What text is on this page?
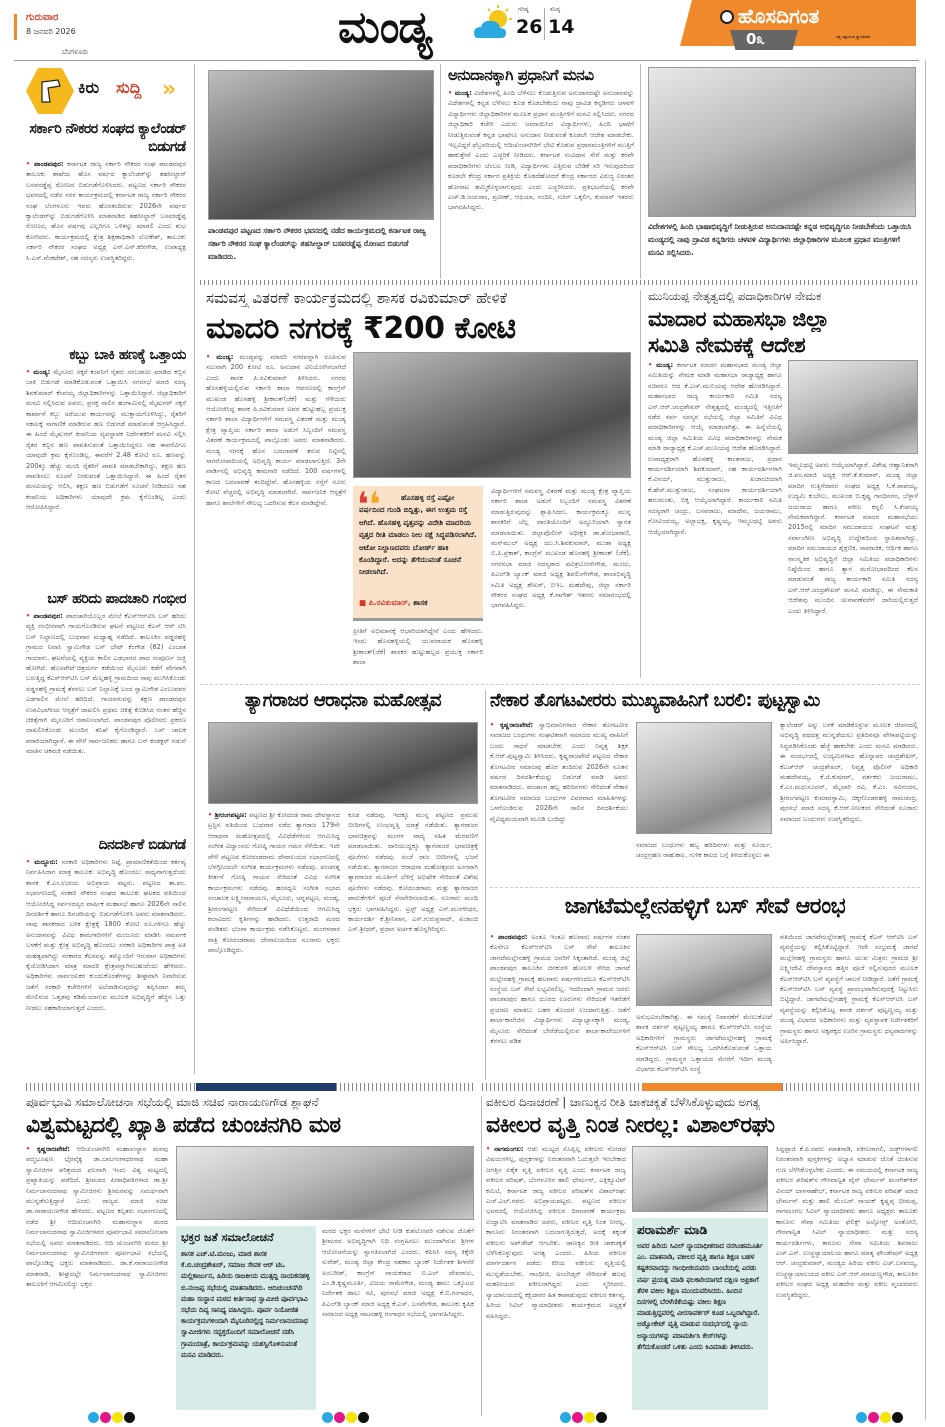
ಗುರುವಾರ
8 ಜನವರಿ 2026
ಬೆಂಗಳೂರು	ಮಂಡ್ಯ	ಗರಿಷ್ಠ
26
ಕನಿಷ್ಠ
14	ಹೊಸದಿಗಂತ
ಸತ್ಯ ಸತ್ವಯುತ ಸ್ವಾಭಿಮಾನ
0೩
ಕಿರು ಸುದ್ದಿ »
ಸರ್ಕಾರಿ ನೌಕರರ ಸಂಘದ ಕ್ಯಾಲೆಂಡರ್ ಬಿಡುಗಡೆ
• ಪಾಂಡವಪುರ: ಕರ್ನಾಟಕ ರಾಜ್ಯ ಸರ್ಕಾರಿ ನೌಕರರ ಸಂಘ ಪಾಂಡವಪುರ ತಾಲೂಕು ಶಾಖೆಯ ಹೊಸ ವರ್ಷದ ಕ್ಯಾಲೆಂಡರ್‌ನ್ನು ತಹಸೀಲ್ದಾರ್ ಬಸವರಡ್ಡೆಪ್ಪ ರೋಣದ ಬಿಡುಗಡೆಗೊಳಿಸಿದರು. ಪಟ್ಟಣದ ಸರ್ಕಾರಿ ನೌಕರರ ಭವನದಲ್ಲಿ ನಡೆದ ಸರಳ ಕಾರ್ಯಕ್ರಮದಲ್ಲಿ ಕರ್ನಾಟಕ ರಾಜ್ಯ ಸರ್ಕಾರಿ ನೌಕರರ ಸಂಘ ಬೆಂಗಳೂರು ಇವರು ಹೊರತಂದಿರುವ 2026ನೇ ವರ್ಷದ ಕ್ಯಾಲೆಂಡರ್‌ನ್ನು ಬಿಡುಗಡೆಗೊಳಿಸಿ ಮಾತನಾಡಿದ ತಹಸೀಲ್ದಾರ್ ಬಸವರಡ್ಡೆಪ್ಪ ರೋಣದ, ಹೊಸ ವರ್ಷವು ಎಲ್ಲರಿಗೂ ಒಳಿತನ್ನು ಮಾಡಲಿ ಎಂದು ಶುಭ ಕೋರಿದರು. ಕಾರ್ಯಕ್ರಮದಲ್ಲಿ ಕ್ಷೇತ್ರ ಶಿಕ್ಷಣಾಧಿಕಾರಿ ಲೋಕೇಶ್, ತಾಲೂಕು ಸರ್ಕಾರಿ ನೌಕರರ ಸಂಘದ ಅಧ್ಯಕ್ಷ ಎನ್.ಎನ್.ಕರೀಗೌಡ, ಉಪಾಧ್ಯಕ್ಷ ಸಿ.ಎಸ್.ವೆಂಕಟೇಶ್, ಸಹ ಸದಸ್ಯರು ಉಪಸ್ಥಿತರಿದ್ದರು.
ಕಬ್ಬು ಬಾಕಿ ಹಣಕ್ಕೆ ಒತ್ತಾಯ
• ಮಂಡ್ಯ: ಮೈಸೂರು ಸಕ್ಕರೆ ಕಂಪನಿಗೆ ರೈತರು ಸರಬರಾಜು ಮಾಡಿದ ಕಬ್ಬಿನ ಬಾಕಿ ಬಿಡುಗಡೆ ಮಾಡಿಕೊಡುವಂತೆ ಒತ್ತಾಯಿಸಿ ನಗರಸಭೆ ಮಾಜಿ ಸದಸ್ಯ ಶಿವಕುಮಾರ್ ಕೆಂಪಯ್ಯ ಜಿಲ್ಲಾಧಿಕಾರಿಗಳನ್ನು ಒತ್ತಾಯಿಸಿದ್ದಾರೆ. ಜಿಲ್ಲಾಧಿಕಾರಿಗೆ ಮನವಿ ಸಲ್ಲಿಸಿರುವ ಅವರು, ಪ್ರಸಕ್ತ ಸಾಲಿನ ಹಂಗಾಮಿನಲ್ಲಿ ಮೈಷುಗರ್ ಸಕ್ಕರೆ ಕಾರ್ಖಾನೆ ಕಬ್ಬು ಅರೆಯುವ ಕಾರ್ಯವನ್ನು ಮುಕ್ತಾಯಗೊಳಿಸಿದ್ದು, ರೈತರಿಗೆ ಸಕಾಲಕ್ಕೆ ಸಾಗಾಣಿಕೆ ಮಾಡಿರುವ ಹಣ ಬಿಡುಗಡೆ ಮಾಡುವಂತೆ ಆಗ್ರಹಿಸಿದ್ದಾರೆ. ಈ ಹಿಂದೆ ಮೈಷುಗರ್ ಕಂಪನಿಯ ವ್ಯವಸ್ಥಾಪಕ ನಿರ್ದೇಶಕರಿಗೆ ಮನವಿ ಸಲ್ಲಿಸಿ ರೈತರ ಕಬ್ಬಿನ ಹಣ ಪಾವತಿಸುವಂತೆ ಒತ್ತಾಯಿಸಿದ್ದರೂ ಸಹ ಈವರೆವಿಗೂ ಯಾವುದೇ ಕ್ರಮ ಕೈಗೊಂಡಿಲ್ಲ. ಈವರೆಗೆ 2.48 ಕೋಟಿ ರೂ. ಹಣವನ್ನು 200ಕ್ಕೂ ಹೆಚ್ಚು ಮಂದಿ ರೈತರಿಗೆ ಪಾವತಿ ಮಾಡಬೇಕಾಗಿದ್ದು, ತಕ್ಷಣ ಹಣ ಪಾವತಿಸಲು ಸೂಚನೆ ನೀಡುವಂತೆ ಒತ್ತಾಯಿಸಿದ್ದಾರೆ. ಈ ಹಿಂದೆ ರೈತರ ಮನವಿಯನ್ನು ಆಲಿಸಿ, ತಕ್ಷಣ ಹಣ ಬಿಡುಗಡೆಗೆ ಸೂಚನೆ ನೀಡಿದರೂ ಸಹ ಕಂಪನಿಯ ಅಧಿಕಾರಿಗಳು ಯಾವುದೇ ಕ್ರಮ ಕೈಗೊಂಡಿಲ್ಲ ಎಂದು ಆರೋಪಿಸಿದ್ದಾರೆ.
ಬಸ್ ಹರಿದು ಪಾದಚಾರಿ ಗಂಭೀರ
• ಪಾಂಡವಪುರ: ಪಾದಚಾರಿಯೊಬ್ಬರ ಮೇಲೆ ಕೆಎಸ್‌ಆರ್‌ಟಿಸಿ ಬಸ್ ಹರಿದು ವ್ಯಕ್ತಿ ಗಂಭೀರವಾಗಿ ಗಾಯಗೊಂಡಿರುವ ಘಟನೆ ಪಟ್ಟಣದ ಕೆಎಸ್ ಆರ್ ಟಿಸಿ ಬಸ್ ನಿಲ್ದಾಣದಲ್ಲಿ ಬುಧವಾರ ಮಧ್ಯಾಹ್ನ ನಡೆದಿದೆ. ತಾಲೂಕಿನ ವಡ್ಡರಹಳ್ಳಿ ಗ್ರಾಮದ ನಿವಾಸಿ ಸ್ವಾಮಿಗೌಡ ಬಸ್ ಲೇಟ್ ಕೆಂಗೌಡ (62) ಎಂಬಾತ ಗಾಯಾಳು. ಘಟನೆಯಲ್ಲಿ ವ್ಯಕ್ತಿಯ ಕಾಲಿನ ಎಡಭಾಗದ ಪಾದ ಸಂಪೂರ್ಣ ಜಜ್ಜಿ ಹೋಗಿದೆ. ಹೊಸಪೇಟೆ-ಚಿತ್ರದುರ್ಗ ಕಡೆಯಿಂದ ಮೈಸೂರು ಕಡೆಗೆ ವೇಗವಾಗಿ ಬರುತ್ತಿದ್ದ ಕೆಎಸ್‌ಆರ್‌ಟಿಸಿ ಬಸ್ ಮೆಲ್ಲಹಳ್ಳಿ ಗ್ರಾಮದಿಂದ ಸಾವು ಮುಗಿಸಿಕೊಂಡು ವಡ್ಡರಹಳ್ಳಿ ಗ್ರಾಮಕ್ಕೆ ತೆರಳಲು ಬಸ್ ನಿಲ್ದಾಣಕ್ಕೆ ಬಂದ ಸ್ವಾಮಿಗೌಡ ಎಂಬುವವರ ಎಡಗಾಲಿನ ಮೇಲೆ ಹರಿದಿದೆ. ಗಾಯಾಳುವನ್ನು ತಕ್ಷಣ ಪಾಂಡವಪುರ ಉಪವಿಭಾಗೀಯ ಆಸ್ಪತ್ರೆಗೆ ದಾಖಲಿಸಿ ಪ್ರಥಮ ಚಿಕಿತ್ಸೆ ಕೊಡಿಸಿದ ನಂತರ ಹೆಚ್ಚಿನ ಚಿಕಿತ್ಸೆಗಾಗಿ ಮೈಸೂರಿಗೆ ರವಾನಿಸಲಾಗಿದೆ. ಪಾಂಡವಪುರ ಪೊಲೀಸರು ಪ್ರಕರಣ ದಾಖಲಿಸಿಕೊಂಡು ಮುಂದಿನ ತನಿಖೆ ಕೈಗೊಂಡಿದ್ದಾರೆ. ಬಸ್ ಚಾಲಕ ಪರಾರಿಯಾಗಿದ್ದಾನೆ. ಈ ವೇಳೆ ಸಾರ್ವಜನಿಕರು ಹಾಗೂ ಬಸ್ ಕಂಡಕ್ಟರ್ ನಡುವೆ ಮಾತಿನ ಚಕಮಕಿ ನಡೆಯಿತು.
ದಿನದರ್ಶಿಕೆ ಬಿಡುಗಡೆ
• ಮದ್ದೂರು: ಸರಕಾರಿ ಅಧಿಕಾರಿಗಳು ನಿಷ್ಠೆ, ಪ್ರಾಮಾಣಿಕತೆಯಿಂದ ಕರ್ತವ್ಯ ನಿರ್ವಹಿಸಿದಾಗ ಮಾತ್ರ ತಾಲೂಕು ಅಭಿವೃದ್ಧಿ ಹೊಂದಲು ಸಾಧ್ಯವಾಗುತ್ತದೆಂದು ಶಾಸಕ ಕೆ.ಎಂ.ಉದಯ ಅಭಿಪ್ರಾಯ ಪಟ್ಟರು. ಪಟ್ಟಣದ ತಾ.ಪಂ. ಸಭಾಂಗಣದಲ್ಲಿ ಸರಕಾರಿ ನೌಕರರ ಸಂಘದ ತಾಲೂಕು ಘಟಕದ ವತಿಯಿಂದ ಆಯೋಜಿಸಿದ್ದ ಸರ್ವಸದಸ್ಯರ ವಾರ್ಷಿಕ ಮಹಾಸಭೆ ಹಾಗೂ 2026ನೇ ಸಾಲಿನ ದಿನದರ್ಶಿಕೆ ಹಾಗೂ ದಿನಚರಿಯನ್ನು ಬಿಡುಗಡೆಗೊಳಿಸಿ ಅವರು ಮಾತನಾಡಿದರು. ನಾವು ಶಾಸಕರಾದ ಬಳಿಕ ಕ್ಷೇತ್ರಕ್ಕೆ 1800 ಕೋಟಿ ರೂ.ಗಳಿಗೂ ಹೆಚ್ಚು ಅನುದಾನವನ್ನು ವಿವಿಧ ಕಾಮಗಾರಿಗಳಿಗೆ ಮಂಜೂರು ಮಾಡಿಸಿ ಸಮರ್ಪಕ ಬಳಕೆಗೆ ಮತ್ತು ಕ್ಷೇತ್ರ ಅಭಿವೃದ್ಧಿ ಹೊಂದಲು ಸರಕಾರಿ ಅಧಿಕಾರಿಗಳ ಪಾತ್ರ ಅತಿ ಮಹತ್ವವಾಗಿದ್ದು ಸರಕಾರದ ಕೆಲಸವನ್ನು ತಮ್ಮೊಂದಿಗೆ ಇರುವಾಗ ಅಧಿಕಾರಿಗಳು ಕೈಜೋಡಿಸಿದಾಗ ಮಾತ್ರ ಮಾದರಿ ಕ್ಷೇತ್ರವನ್ನಾಗಿಸಬಹುದೆಂದು ಹೇಳಿದರು. ಅಧಿಕಾರಿಗಳು ಸಾರ್ವಜನಿಕರ ಕುಂದುಕೊರತೆಗಳನ್ನು ಶೀಘ್ರವಾಗಿ ನಿವಾರಿಸುವ ಜತೆಗೆ ಸರಕಾರಿ ಕಚೇರಿಗಳಿಗೆ ಅಲೆದಾಡಿಸುವುದನ್ನು ತಪ್ಪಿಸಿದಾಗ ತಮ್ಮ ಮೇಲಿರುವ ಒತ್ತಡವು ಕಡಿಮೆಯಾಗುವ ಮೂಲಕ ಅಭಿವೃದ್ಧಿಗೆ ಹೆಚ್ಚಿನ ಒತ್ತು ನೀಡಲು ಸಹಕಾರಿಯಾಗುತ್ತದೆ ಎಂದರು.
ಪಾಂಡವಪುರ ಪಟ್ಟಣದ ಸರ್ಕಾರಿ ನೌಕರರ ಭವನದಲ್ಲಿ ನಡೆದ ಕಾರ್ಯಕ್ರಮದಲ್ಲಿ ಕರ್ನಾಟಕ ರಾಜ್ಯ ಸರ್ಕಾರಿ ನೌಕರರ ಸಂಘ ಕ್ಯಾಲೆಂಡರ್‌ನ್ನು ತಹಸೀಲ್ದಾರ್ ಬಸವರಡ್ಡೆಪ್ಪ ರೋಣದ ಬಿಡುಗಡೆ ಮಾಡಿದರು.
ಅನುದಾನಕ್ಕಾಗಿ ಪ್ರಧಾನಿಗೆ ಮನವಿ
• ಮಂಡ್ಯ: ವಿದೇಶಗಳಲ್ಲಿ ಹಿಂದಿ ಬೆಳೆಸಲು ಕೊಡುತ್ತಿರುವ ಅನುದಾನದಷ್ಟೇ ಅನುದಾನವನ್ನು ವಿದೇಶಗಳಲ್ಲಿ ಕನ್ನಡ ಬೆಳೆಸಲು ಕೂಡ ಕೊಡಬೇಕೆಂದು ನಾವು ದ್ರಾವಿಡ ಕನ್ನಡಿಗರು ಚಳವಳಿ ವಿದ್ಯಾರ್ಥಿಗಳು ಜಿಲ್ಲಾಧಿಕಾರಿಗಳ ಮೂಲಕ ಪ್ರಧಾನ ಮಂತ್ರಿಗಳಿಗೆ ಮನವಿ ಸಲ್ಲಿಸಿದರು. ನಗರದ ಜಿಲ್ಲಾಧಿಕಾರಿ ಕಚೇರಿ ಎದುರು ಜಮಾಯಿಸಿದ ವಿದ್ಯಾರ್ಥಿಗಳು, ಹಿಂದಿ ಭಾಷೆಗೆ ನೀಡುತ್ತಿರುವಂತೆ ಕನ್ನಡ ಭಾಷೆಗೂ ಅನುದಾನ ನೀಡುವಂತೆ ಕೂಡಲೇ ಆದೇಶ ಮಾಡಬೇಕು. ಇಲ್ಲವಿದ್ದರೆ ಫೆಬ್ರವರಿಯಲ್ಲಿ ಆದಿಚುಂಚನಗಿರಿಗೆ ಭೇಟಿ ಕೊಡುವ ಪ್ರಧಾನಮಂತ್ರಿಗಳಿಗೆ ಮುತ್ತಿಗೆ ಹಾಕುತ್ತೇವೆ ಎಂದು ಎಚ್ಚರಿಕೆ ನೀಡಿದರು. ಕರ್ನಾಟಕ ಸಂವಿಧಾನ ಸೇನೆ ಮತ್ತು ಕರವೇ ಪದಾಧಿಕಾರಿಗಳು ಬೆಂಬಲ ನೀಡಿ, ವಿದ್ಯಾರ್ಥಿಗಳು ಎತ್ತಿರುವ ಬೇಡಿಕೆ ಸರಿ ಇರುವುದರಿಂದ ಕೂಡಲೇ ಕೇಂದ್ರ ಸರ್ಕಾರ ಪ್ರತಿಕ್ರಿಯೆ ಕೊಡದೆಹೋದರೆ ಕೇಂದ್ರ ಸರ್ಕಾರದ ವಿರುದ್ಧ ನಿರಂತರ ಹೋರಾಟ ಹಮ್ಮಿಕೊಳ್ಳಲಾಗುವುದು ಎಂದು ಎಚ್ಚರಿಸಿದರು. ಪ್ರತಿಭಟನೆಯಲ್ಲಿ ಕರವೇ ಎಚ್.ಡಿ.ಜಯರಾಂ, ಪ್ರವೀಣ್, ಆಫಿಯಾ, ನಂದಿನಿ, ಸಚಿನ್ ಒಕ್ಕಲಿಗ, ಕುಮಾರ್ ಇತರರು ಭಾಗವಹಿಸಿದ್ದರು.
ವಿದೇಶಗಳಲ್ಲಿ ಹಿಂದಿ ಭಾಷಾಭಿವೃದ್ಧಿಗೆ ನೀಡುತ್ತಿರುವ ಅನುದಾನದಷ್ಟೇ ಕನ್ನಡ ಅಭಿವೃದ್ಧಿಗೂ ನೀಡಬೇಕೆಂದು ಒತ್ತಾಯಿಸಿ ಮಂಡ್ಯದಲ್ಲಿ ನಾವು ದ್ರಾವಿಡ ಕನ್ನಡಿಗರು ಚಳವಳಿ ವಿದ್ಯಾರ್ಥಿಗಳು ಜಿಲ್ಲಾಧಿಕಾರಿಗಳ ಮೂಲಕ ಪ್ರಧಾನ ಮಂತ್ರಿಗಳಿಗೆ ಮನವಿ ಸಲ್ಲಿಸಿದರು.
ಸಮವಸ್ತ್ರ ವಿತರಣೆ ಕಾರ್ಯಕ್ರಮದಲ್ಲಿ ಶಾಸಕ ರವಿಕುಮಾರ್ ಹೇಳಿಕೆ
ಮಾದರಿ ನಗರಕ್ಕೆ ₹200 ಕೋಟಿ
• ಮಂಡ್ಯ: ಮಂಡ್ಯವನ್ನು ಮಾದರಿ ನಗರವನ್ನಾಗಿ ರೂಪಿಸುವ ಸಲುವಾಗಿ 200 ಕೋಟಿ ರೂ. ಅನುದಾನ ವಿನಿಯೋಗಿಸಲಾಗಿದೆ ಎಂದು ಶಾಸಕ ಪಿ.ರವಿಕುಮಾರ್ ತಿಳಿಸಿದರು. ನಗರದ ಹೊಸಹಳ್ಳಿಯಲ್ಲಿರುವ ಸರ್ಕಾರಿ ಶಾಲಾ ಆವರಣದಲ್ಲಿ ಕಾಂಗ್ರೆಸ್ ಮುಖಂಡ ಹೊಸಹಳ್ಳಿ ಶ್ರೀಕಾಂತ್(ಜೆಕೆ) ಮತ್ತು ಗೆಳೆಯರು ಆಯೋಜಿಸಿದ್ದ ಶಾಸಕ ಪಿ.ರವಿಕುಮಾರ ಅವರ ಹುಟ್ಟುಹಬ್ಬ ಪ್ರಯುಕ್ತ ಸರ್ಕಾರಿ ಶಾಲಾ ವಿದ್ಯಾರ್ಥಿಗಳಿಗೆ ಸಮವಸ್ತ್ರ ವಿತರಣೆ ಮತ್ತು ಮಂಡ್ಯ ಕ್ಷೇತ್ರ ವ್ಯಾಪ್ತಿಯ ಸರ್ಕಾರಿ ಶಾಲಾ ಅಡುಗೆ ಸಿಬ್ಬಂದಿಗೆ ಸಮವಸ್ತ್ರ ವಿತರಣೆ ಕಾರ್ಯಕ್ರಮದಲ್ಲಿ ಪಾಲ್ಗೊಂಡು ಅವರು ಮಾತನಾಡಿದರು. ಮಂಡ್ಯ ನಗರಕ್ಕೆ ಹೊಸ ಬದಲಾವಣೆ ತರುವ ನಿಟ್ಟಿನಲ್ಲಿ ಸಾಗರೋಪಾದಿಯಲ್ಲಿ ಅಭಿವೃದ್ಧಿ ಕಾರ್ಯ ಮಾಡಲಾಗುತ್ತಿದೆ. 3ನೇ ವಾರ್ಡಿನಲ್ಲಿ ಅಭಿವೃದ್ಧಿ ಕಾಮಗಾರಿ ನಡೆದಿದೆ. 100 ವರ್ಷಗಳಲ್ಲಿ ಕಾಣದ ಬದಲಾವಣೆ ತಂದಿದ್ದೇವೆ. ಹೊಸಹಳ್ಳಿಯ ರಸ್ತೆಗೆ ನೂರು ಕೋಟಿ ವೆಚ್ಚದಲ್ಲಿ ಅಭಿವೃದ್ಧಿ ಮಾಡಲಾಗಿದೆ. ಸಾರ್ವಜನಿಕ ಆಸ್ಪತ್ರೆಗೆ ಹಾಗೂ ಶಾಲೆಗಳಿಗೆ ಸೌಲಭ್ಯ ಒದಗಿಸುವ ಕೆಲಸ ಮಾಡಿದ್ದೇವೆ. ❛❛	ಹೊಸಹಳ್ಳಿ ರಸ್ತೆ ಎಷ್ಟೋ ವರ್ಷದಿಂದ ಗುಂಡಿ ಬಿದ್ದಿತ್ತು, ಈಗ ಉತ್ತಮ ರಸ್ತೆ ಆಗಿದೆ. ಹೊಸಹಳ್ಳಿ ವೃತ್ತವನ್ನು ವಿದೇಶಿ ಮಾದರಿಯ ವೃತ್ತದ ರೀತಿ ಮಾಡಲು ನೀಲ ನಕ್ಷೆ ಸಿದ್ಧಪಡಿಸಲಾಗಿದೆ. ಆಟೋ ನಿಲ್ದಾಣದವರು ಬೋರ್ಡ್ ಹಾಕಿ ಕೊಂಡಿದ್ದಾರೆ. ಅದನ್ನು ತೆಗೆಯುವಂತೆ ಸೂಚನೆ ನೀಡಲಾಗಿದೆ.
■ ಪಿ.ರವಿಕುಮಾರ್, ಶಾಸಕ
ಪ್ರೀತಿಗೆ ಅಭಿಮಾನಕ್ಕೆ ಆಭಾರಿಯಾಗಿದ್ದೇನೆ ಎಂದು ಹೇಳಿದರು. ಇಂದು ಹೊಸಹಳ್ಳಿಯಲ್ಲಿ ಯುವನಾಯಕ ಹೊಸಹಳ್ಳಿ ಶ್ರೀಕಾಂತ್(ಜೆಕೆ) ಶಾಸಕರ ಹುಟ್ಟುಹಬ್ಬದ ಪ್ರಯುಕ್ತ ಸರ್ಕಾರಿ ಶಾಲಾ
ವಿದ್ಯಾರ್ಥಿಗಳಿಗೆ ಸಮವಸ್ತ್ರ ವಿತರಣೆ ಮತ್ತು ಮಂಡ್ಯ ಕ್ಷೇತ್ರ ವ್ಯಾಪ್ತಿಯ ಸರ್ಕಾರಿ ಶಾಲಾ ಅಡುಗೆ ಸಿಬ್ಬಂದಿಗೆ ಸಮವಸ್ತ್ರ ವಿತರಣೆ ಮಾಡುತ್ತಿರುವುದನ್ನು ಶ್ಲಾಘಿಸಿದರು. ಕಾರ್ಯಕ್ರಮಕ್ಕೂ ಮುನ್ನ ಶಾಸಕರಿಗೆ ಬೆಲ್ಲ ದಾರತಿಯೊಂದಿಗೆ ಅದ್ದೂರಿಯಾಗಿ ಸ್ವಾಗತ ಮಾಡಲಾಯಿತು. ಜಿಲ್ಲಾಪೊಲೀಸ್ ಅಧೀಕ್ಷಕಿ ಡಾ.ಶೋಭಾರಾಣಿ, ಮನ್‌ಮುಲ್ ಅಧ್ಯಕ್ಷ ಯು.ಸಿ.ಶಿವಕುಮಾರ್, ಮುಡಾ ಅಧ್ಯಕ್ಷ ಬಿ.ಪಿ.ಪ್ರಕಾಶ್, ಕಾಂಗ್ರೆಸ್ ಮುಖಂಡ ಹೊಸಹಳ್ಳಿ ಶ್ರೀಕಾಂತ್ (ಜೆಕೆ), ನಗರಸಭಾ ಮಾಜಿ ಸದಸ್ಯರಾದ ಪವಿತ್ರಬೋರೇಗೌಡ, ಮಂಜು, ಪಿಎಲ್‌ಡಿ ಬ್ಯಾಂಕ್ ಮಾಜಿ ಅಧ್ಯಕ್ಷ ಶಿವಲಿಂಗೇಗೌಡ, ಶಾಲಾಭಿವೃದ್ಧಿ ಸಮಿತಿ ಅಧ್ಯಕ್ಷ ಶೇಖರ್, ಬಿಇಒ ಮಹದೇವು, ಜಿಲ್ಲಾ ಸರ್ಕಾರಿ ನೌಕರರ ಸಂಘದ ಅಧ್ಯಕ್ಷ ಕೆ.ನಾಗೇಶ್ ಇತರರು ಸಮಾರಂಭದಲ್ಲಿ ಭಾಗವಹಿಸಿದ್ದರು.
ಮುನಿಯಪ್ಪ ನೇತೃತ್ವದಲ್ಲಿ ಪದಾಧಿಕಾರಿಗಳ ನೇಮಕ
ಮಾದಾರ ಮಹಾಸಭಾ ಜಿಲ್ಲಾ
ಸಮಿತಿ ನೇಮಕಕ್ಕೆ ಆದೇಶ
• ಮಂಡ್ಯ: ಕರ್ನಾಟಕ ಮಾದರ ಮಹಾಸಭಾದ ಮಂಡ್ಯ ಜಿಲ್ಲಾ ಸಮಿತಿಯನ್ನು ನೇಮಕ ಮಾಡಿ ಮಹಾಸಭಾ ರಾಜ್ಯಾಧ್ಯಕ್ಷ ಹಾಗೂ ಸಚಿವರೂ ಆದ ಕೆ.ಎಚ್.ಮುನಿಯಪ್ಪ ಆದೇಶ ಹೊರಡಿಸಿದ್ದಾರೆ. ಮಹಾಸಭಾದ ರಾಜ್ಯ ಕಾರ್ಯಕಾರಿ ಸಮಿತಿ ಸದಸ್ಯ ಎನ್.ಆರ್.ಚಂದ್ರಶೇಖರ್ ನೇತೃತ್ವದಲ್ಲಿ ಮಂಡ್ಯದಲ್ಲಿ ಇತ್ತೀಚೆಗೆ ನಡೆದ ಸರ್ವ ಸದಸ್ಯರ ಸಭೆಯಲ್ಲಿ ಜಿಲ್ಲಾ ಸಮಿತಿಗೆ ವಿವಿಧ ಪದಾಧಿಕಾರಿಗಳನ್ನು ಆಯ್ಕೆ ಮಾಡಲಾಗಿತ್ತು. ಈ ಹಿನ್ನೆಲೆಯಲ್ಲಿ ಮಂಡ್ಯ ಜಿಲ್ಲಾ ಸಮಿತಿಯ ವಿವಿಧ ಪದಾಧಿಕಾರಿಗಳನ್ನು ನೇಮಕ ಮಾಡಿ ರಾಜ್ಯಾಧ್ಯಕ್ಷ ಕೆ.ಎಚ್.ಮುನಿಯಪ್ಪ ಆದೇಶ ಹೊರಡಿಸಿದ್ದಾರೆ. ಉಪಾಧ್ಯಕ್ಷರಾಗಿ ಹೊಸಹಳ್ಳಿ ಕಾಂತರಾಜು, ಪ್ರಧಾನ ಕಾರ್ಯದರ್ಶಿಯಾಗಿ ಶಿವಕುಮಾರ್, ಸಹ ಕಾರ್ಯದರ್ಶಿಗಳಾಗಿ ಕೆ.ವಿನಯ್, ಮುತ್ತುರಾಜು, ಖಜಾಂಚಿಯಾಗಿ ಕೆ.ಹೆಚ್.ಮುತ್ತುರಾಜು, ಸಂಘಟನಾ ಕಾರ್ಯದರ್ಶಿಯಾಗಿ ಹನುಮಂತು, ಬಿಕ್ಕ ಆಯ್ಕೆಯಾಗಿದ್ದಾರೆ. ಕಾರ್ಯಕಾರಿ ಸಮಿತಿ ಸದಸ್ಯರಾಗಿ ಚಂದ್ರು, ಬಸವರಾಜು, ಮಾದೇವ, ಜಯರಾಮು, ಗೋವಿಂದಯ್ಯ, ಅಲ್ಲಾಭಕ್ಷ, ಕೃಷ್ಣಯ್ಯ, ಇಮ್ಮಲಧಟ್ಟಿ ಅವರು ಆಯ್ಕೆಯಾಗಿದ್ದಾರೆ.
ಇಮ್ಮಲಧಟ್ಟಿ ಅವರು ಆಯ್ಕೆಯಾಗಿದ್ದಾರೆ. ವಿಶೇಷ ಆಹ್ವಾನಿತರಾಗಿ ಜಿ.ಪಂ.ಮಾಜಿ ಅಧ್ಯಕ್ಷ ಆರ್.ಕೆ.ಕುಮಾರ್, ಮಂಡ್ಯ ಜಿಲ್ಲಾ ಮಾದಿಗ ಗುತ್ತಿಗೆದಾರರ ಸಂಘದ ಅಧ್ಯಕ್ಷ ಸಿ.ಕೆ.ಪಾಪಯ್ಯ, ಉದ್ಯಮಿ ಕುಬೇಲು, ಮುಖಂಡ ಬಿ.ಕೃಷ್ಣ ಗಾಂಧಿನಗರ, ಬೆಳ್ಳಾಳೆ ಜಯರಾಯ ಹಾಗೂ ವಕೀಲ ಕನ್ನಲಿ ಸಿ.ಕೆಂಪಯ್ಯ ನೇಮಕವಾಗಿದ್ದಾರೆ. ಕರ್ನಾಟಕ ಮಾದರ ಮಹಾಸಭೆಯು 2015ರಲ್ಲಿ ಮಾದಿಗ ಸಮುದಾಯದ ಸಂಘಟನೆ ಮತ್ತು ಸರ್ವಾಂಗೀಣ ಅಭಿವೃದ್ಧಿ ಉದ್ದೇಶದಿಂದ ಸ್ಥಾಪಿತವಾಗಿದ್ದು, ಮಾದಿಗ ಸಮುದಾಯದ ಶೈಕ್ಷಣಿಕ, ಸಾಮಾಜಿಕ, ಆರ್ಥಿಕ ಹಾಗೂ ಸಾಂಸ್ಕೃತಿಕ ಅಭಿವೃದ್ಧಿಗೆ ಜಿಲ್ಲಾ ಸಮಿತಿಯ ಪದಾಧಿಕಾರಿಗಳು ನಿಷ್ಠೆಯಿಂದ ಹಾಗೂ ತ್ಯಾಗ ಮನೋಭಾವದಿಂದ ಕೆಲಸ ಮಾಡುವಂತೆ ರಾಜ್ಯ ಕಾರ್ಯಕಾರಿ ಸಮಿತಿ ಸದಸ್ಯ ಎನ್.ಆರ್.ಚಂದ್ರಶೇಖರ್ ಮನವಿ ಮಾಡಿದ್ದು, ಈ ನೇಮಕಾತಿ ಆದೇಶವು ಮುಂದಿನ ಚುನಾವಣೆವರೆಗೆ ಜಾರಿಯಲ್ಲಿರುತ್ತದೆ ಎಂದು ತಿಳಿಸಿದ್ದಾರೆ.
ತ್ಯಾಗರಾಜರ ಆರಾಧನಾ ಮಹೋತ್ಸವ
• ಶ್ರೀರಂಗಪಟ್ಟಣ: ಪಟ್ಟಣದ ಶ್ರೀ ಕೋದಂಡ ರಾಮ ದೇವಸ್ಥಾನದ ಟ್ರಸ್ಟಿನ ವತಿಯಿಂದ ಬುಧವಾರ ನಡೆದ ತ್ಯಾಗರಾಜ 179ನೇ ಆರಾಧನಾ ಮಹೋತ್ಸವದಲ್ಲಿ ವಿವಿಧೆಡೆಗಳಿಂದ ಆಗಮಿಸಿದ್ದ ಸಂಗೀತ ವಿದ್ವಾಂಸರು ಗೋಷ್ಠಿ ಗಾಯನ ಗಮನ ಸೆಳೆಯಿತು. ಇದೇ ವೇಳೆ ಪಟ್ಟಣದ ಕೋದಂಡರಾಮ ದೇವಾಲಯದ ಸಭಾಂಗಣದಲ್ಲಿ ಬೆಳಗ್ಗಿನಿಂದಲೇ ಸಂಗೀತ ಕಾರ್ಯಕ್ರಮಗಳು ನಡೆದವು. ಪಂಚರತ್ನ ಕೀರ್ತನೆ ಗೋಷ್ಠಿ ಗಾಯನ ಸೇರಿದಂತೆ ವಿವಿಧ ಸಂಗೀತ ಕಾರ್ಯಕ್ರಮಗಳು ನಡೆದವು. ಹಂಸಧ್ವನಿ ಸಂಗೀತ ಸಭಾದ ಸಂಚಾಲಕ ಲಕ್ಷ್ಮೀನಾರಾಯಣ, ಮೈಸೂರು, ಚನ್ನಪಟ್ಟಣ, ಮಂಡ್ಯ, ಶ್ರೀರಂಗಪಟ್ಟಣ ಸೇರಿದಂತೆ ವಿವಿಧೆಡೆಯಿಂದ ಆಗಮಿಸಿದ್ದ ಕಲಾವಿದರು ಕೃತಿಗಳನ್ನು ಹಾಡಿದರು. ಉತ್ತರಾದಿ ಮಠದ ಪಂಡಿತರು ಭಜನಾ ಕಾರ್ಯಕ್ರಮ ನಡೆಸಿಕೊಟ್ಟರು. ಮಂಗಳವಾರ ರಾತ್ರಿ ಕೋದಂಡರಾಮ ದೇವಾಲಯದಿಂದ ನೂರಾರು ಭಕ್ತರು ಪಾಲ್ಗೊಂಡಿದ್ದರು.
ಕೂಡ ನಡೆದವು. ಇದಕ್ಕೂ ಮುನ್ನ ಪಟ್ಟಣದ ಪ್ರಮುಖ ಬೀದಿಗಳಲ್ಲಿ ಉಂಛವೃತ್ತಿ ಯಾತ್ರೆ ನಡೆಯಿತು. ತ್ಯಾಗರಾಜರ ಭಾವಚಿತ್ರವನ್ನು ಮಂಗಳ ವಾದ್ಯ ಸಹಿತ ಮೆರವಣಿಗೆ ಮಾಡಲಾಯಿತು. ದಾರಿಯುದ್ದಕ್ಕೂ ತ್ಯಾಗರಾಜರ ಭಾವಚಿತ್ರಕ್ಕೆ ಪೂಜೆಗಳು ನಡೆದವು. ಸಂಜೆ ರಾಜ ಬೀದಿಗಳಲ್ಲಿ ಭಜನೆ ನಡೆಯಿತು. ತ್ಯಾಗರಾಜರ ಆರಾಧನಾ ಮಹೋತ್ಸವದ ಅಂಗವಾಗಿ ತ್ಯಾಗರಾಜರ ಮೂರ್ತಿಗೆ ಬೆಳಿಗ್ಗೆ ಅಭಿಷೇಕ ಸೇರಿದಂತೆ ವಿಶೇಷ ಪೂಜೆಗಳು ನಡೆದವು. ಕೋದಂಡರಾಮ ಮತ್ತು ತ್ಯಾಗರಾಜರ ಪಾದುಕೆಗಳಿಗೆ ಪೂಜೆ ನೆರವೇರಿಸಲಾಯಿತು. ನೂರಾರು ಮಂದಿ ಭಕ್ತರು ಭಾಗವಹಿಸಿದ್ದರು. ಟ್ರಸ್ಟ್ ಅಧ್ಯಕ್ಷ ಎಸ್.ಮುರಳೀಧರ, ಕಾರ್ಯದರ್ಶಿ ಕೆ.ಶ್ರೀನಿವಾಸ, ಎಸ್.ಗುರುಪ್ರಸಾದ್, ಖಜಾಂಚಿ ಎಸ್.ಶ್ರೀಧರ್, ಪ್ರಧಾನ ಅರ್ಚಕ ಹೊನ್ನಗಿರಿದ್ದರು.
ನೇಕಾರ ತೊಗಟವೀರರು ಮುಖ್ಯವಾಹಿನಿಗೆ ಬರಲಿ: ಪುಟ್ಟಸ್ವಾಮಿ
• ಕೃಷ್ಣರಾಜಪೇಟೆ: ಸ್ವಾಭಿಮಾನಿಗಳಾದ ನೇಕಾರ ತೊಗಟವೀರ ಸಮಾಜದ ಬಂಧುಗಳು ಸಂಘಟಿತರಾಗಿ ಸಮಾಜದ ಮುಖ್ಯ ವಾಹಿನಿಗೆ ಬಂದು ಸಾಧನೆ ಮಾಡಬೇಕು ಎಂದು ನಿವೃತ್ತ ಶಿಕ್ಷಕ ಕೆ.ಆರ್.ಪುಟ್ಟಸ್ವಾಮಿ ತಿಳಿಸಿದರು. ಕೃಷ್ಣರಾಜಪೇಟೆ ಪಟ್ಟಣದ ನೇಕಾರ ತೊಗಟವೀರ ಸಮಾಜವು ಹೊರ ತಂದಿರುವ 2026ನೇ ನೂತನ ವರ್ಷದ ದಿನದರ್ಶಿಕೆಯನ್ನು ಬಿಡುಗಡೆ ಮಾಡಿ ಅವರು ಮಾತನಾಡಿದರು. ಪಂಚಾಂಗ ಹಬ್ಬ ಹರಿದಿನಗಳು ಸೇರಿದಂತೆ ನೇಕಾರ ತೊಗಟವೀರ ಸಮಾಜದ ಬಂಧುಗಳ ವಿವರವಾದ ಮಾಹಿತಿಗಳನ್ನು ಒಳಗೊಂಡಿರುವ 2026ನೇ ಸಾಲಿನ ದಿನದರ್ಶಿಕೆಯು ವೈವಿಧ್ಯಮಯವಾಗಿ ಮೂಡಿ ಬಂದಿದ್ದು
ಸಮಾಜದ ಬಂಧುಗಳು ಹಬ್ಬ ಹರಿದಿನಗಳು ಮತ್ತು ಸೂರ್ಯ, ಚಂದ್ರಗ್ರಹಣ ರಾಹುಕಾಲ, ಗುಳಿಕ ಕಾಲದ ಬಗ್ಗೆ ತಿಳಿದುಕೊಳ್ಳಲು ಈ
ಕ್ಯಾಲೆಂಡರ್ ಅನ್ನು ಬಳಕೆ ಮಾಡಿಕೊಳ್ಳುವ ಮೂಲಕ ಜೀವನದಲ್ಲಿ ಅಭಿವೃದ್ಧಿ ಪಥದತ್ತ ಮುನ್ನಡೆಯಲು ಪ್ರತಿದಿನವೂ ವೇಳಾಪಟ್ಟಿಯನ್ನು ಸಿದ್ಧಪಡಿಸಿಕೊಂಡು ಹೆಜ್ಜೆ ಹಾಕಬೇಕು ಎಂದು ಮನವಿ ಮಾಡಿದರು. ಈ ಸಂದರ್ಭದಲ್ಲಿ ಉದ್ಯಮಿಗಳಾದ ಹೊನ್ನಾವರ ಚಂದ್ರಶೇಖರ್, ಕೆಎಚ್ಆರ್ ಚಂದ್ರಶೇಖರ್, ನಿವೃತ್ತ ಪೊಲೀಸ್ ಅಧಿಕಾರಿ ಮಹದೇವಯ್ಯ, ಕೆ.ಜಿ.ಕುಮಾರ್, ವರ್ತಕರು ಜಯರಾಮು, ಕೆ.ಎಂ.ಮಧುಸೂದನ್, ಮೈಲಾರಿ ರವಿ, ಕೆ.ಎಂ. ರವಿನಂದನ, ಶ್ರೀರಂಗಪಟ್ಟಣ ಕುಮಾರಸ್ವಾಮಿ, ಚಿಕ್ಕಗೊಂಡನಹಳ್ಳಿ ರಾಮಚಂದ್ರ, ಪುರಸಭೆ ಮಾಜಿ ಸದಸ್ಯ ಕೆ.ಆರ್.ನೀಲಕಂಠ ಸೇರಿದಂತೆ ನೂರಾರು ಸಮಾಜದ ಬಂಧುಗಳು ಉಪಸ್ಥಿತರಿದ್ದರು.
ಜಾಗಟೆಮಲ್ಲೇನಹಳ್ಳಿಗೆ ಬಸ್ ಸೇವೆ ಆರಂಭ
• ಪಾಂಡವಪುರ: ಅಂತೂ ಇಂತೂ ಹಲವಾರು ವರ್ಷಗಳ ನಂತರ ಕೊನೆಗೂ ಕೆಎಸ್‌ಆರ್‌ಟಿಸಿ ಬಸ್ ಸೇವೆ ತಾಲೂಕಿನ ಜಾಗಟೆಮಲ್ಲೇನಹಳ್ಳಿ ಗ್ರಾಮದ ಜನರಿಗೆ ಸಿಕ್ಕಂತಾಗಿದೆ. ಮಂಡ್ಯ ಜಿಲ್ಲೆ ಪಾಂಡವಪುರ ತಾಲೂಕಿನ ಚಿನಕುರಳಿ ಹೋಬಳಿ ಸೇರಿದ ಜಾಗಟೆ ಮಲ್ಲೇನಹಳ್ಳಿ ಗ್ರಾಮಕ್ಕೆ ಹಲವಾರು ವರ್ಷಗಳಿಂದಲೂ ಕೆಎಸ್‌ಆರ್‌ಟಿಸಿ ಸಂಸ್ಥೆಯ ಬಸ್ ಸೇವೆ ಲಭ್ಯವಿರಲಿಲ್ಲ. ಇದರಿಂದಾಗಿ ಗ್ರಾಮದ ಜನರು ಪಾಂಡವಪುರ ಹಾಗೂ ದೂರದ ಊರುಗಳು ಸೇರಿದಂತೆ ಇತರೆಡೆಗೆ ಪ್ರಯಾಣ ಮಾಡಲು ಬಹಳ ತೊಂದರೆ ಉಂಟಾಗುತ್ತಿತ್ತು. ಜತೆಗೆ ಶಾಲಾ-ಕಾಲೇಜಿನ ವಿದ್ಯಾರ್ಥಿಗಳು ವಿದ್ಯಾಭ್ಯಾಸಕ್ಕಾಗಿ ಮಂಡ್ಯ, ಮೈಸೂರು ಸೇರಿದಂತೆ ಬೇರೆಡೆಯಲ್ಲಿರುವ ಶಾಲಾ-ಕಾಲೇಜುಗಳಿಗೆ ತೆರಳಲು ಪಡಿತ
ಅನುಭವಿಸಬೇಕಾಗಿತ್ತು. ಈ ಸಮಸ್ಯೆ ನಿವಾರಣೆಗೆ ಮೇಲುಕೋಟೆ ಶಾಸಕ ದರ್ಶನ್ ಪುಟ್ಟಣ್ಣಯ್ಯ ಹಾಗೂ ಕೆಎಸ್‌ಆರ್‌ಟಿಸಿ ಸಂಸ್ಥೆಯ ಅಧಿಕಾರಿಗಳಿಗೆ ಗ್ರಾಮಸ್ಥರು ಜಾಗಟೆಮಲ್ಲೇನಹಳ್ಳಿ ಗ್ರಾಮಕ್ಕೆ ಕೆಎಸ್‌ಆರ್‌ಟಿಸಿ ಬಸ್ ಸೌಲಭ್ಯ ಒದಗಿಸಿಕೊಡುವಂತೆ ಒತ್ತಾಯ ಮಾಡಿದ್ದರು. ಗ್ರಾಮಸ್ಥರ ಒತ್ತಾಯದ ಮೇರೆಗೆ ಇದೀಗ ಮಂಡ್ಯ ವಿಭಾಗದ ಕೆಎಸ್‌ಆರ್‌ಟಿಸಿ ಸಂಸ್ಥೆ
ವತಿಯಿಂದ ಜಾಗಟೆಮಲ್ಲೇನಹಳ್ಳಿ ಗ್ರಾಮಕ್ಕೆ ಕೆಎಸ್ ಆರ್‌ಟಿಸಿ ಬಸ್ ವ್ಯವಸ್ಥೆಯನ್ನು ಕಲ್ಪಿಸಿಕೊಟ್ಟಿದ್ದಾರೆ. ಇದೇ ಸಂಭ್ರಮಕ್ಕೆ ಜಾಗಟೆ ಮಲ್ಲೇನಹಳ್ಳಿ ಗ್ರಾಮಸ್ಥರು ಹಾಗೂ ಯುವ ಮಿತ್ರರು ಗ್ರಾಮದ ಶ್ರೀ ಲಕ್ಷ್ಮೀದೇವಿ ದೇವಸ್ಥಾನದ ಹತ್ತಿರ ಪೂಜೆ ಸಲ್ಲಿಸುವುದರ ಮೂಲಕ ಕೆಎಸ್‌ಆರ್‌ಟಿಸಿ ಬಸ್ ವ್ಯವಸ್ಥೆಗೆ ಚಾಲನೆ ನೀಡಿದ್ದಾರೆ. ಜತೆಗೆ ಗ್ರಾಮಕ್ಕೆ ಕೆಎಸ್‌ಆರ್‌ಟಿಸಿ ಬಸ್ ವ್ಯವಸ್ಥೆ ಪ್ರಾರಂಭವಾಗಿರುವುದಕ್ಕೆ ನಿಟ್ಟುಸಿರು ಬಿಟ್ಟಿದ್ದಾರೆ. ಜಾಗಟೆಮಲ್ಲೇನಹಳ್ಳಿ ಗ್ರಾಮಕ್ಕೆ ಕೆಎಸ್‌ಆರ್‌ಟಿಸಿ ಬಸ್ ವ್ಯವಸ್ಥೆಯನ್ನು ಕಲ್ಪಿಸಿಕೊಟ್ಟ ಶಾಸಕ ದರ್ಶನ್ ಪುಟ್ಟಣ್ಣಯ್ಯ ಮತ್ತು ಮಂಡ್ಯ ವಿಭಾಗದ ಅಧಿಕಾರಿಗಳು ಮತ್ತು ವ್ಯವಸ್ಥಾಪಕ ನಿರ್ದೇಶಕರಿಗೆ ಗ್ರಾಮಸ್ಥರು ಹಾಗೂ ಅಕ್ಕಪಕ್ಕದ ಊರಿನ ಗ್ರಾಮಸ್ಥರು ಧನ್ಯವಾದಗಳನ್ನು ಅರ್ಪಿಸಿದ್ದಾರೆ.
ಪೂರ್ವಭಾವಿ ಸಮಾಲೋಚನಾ ಸಭೆಯಲ್ಲಿ ಮಾಜಿ ಸಚಿವ ನಾರಾಯಣಗೌಡ ಶ್ಲಾಘನೆ
ವಿಶ್ವಮಟ್ಟದಲ್ಲಿ ಖ್ಯಾತಿ ಪಡೆದ ಚುಂಚನಗಿರಿ ಮಠ
• ಕೃಷ್ಣರಾಜಪೇಟೆ: ಆದಿಚುಂಚನಗಿರಿ ಮಹಾಸಂಸ್ಥಾನ ಮಠವು ಪದ್ಮಭೂಷಣ ಭೈರವೈಕ್ಯ ಡಾ.ಬಾಲಗಂಗಾಧರನಾಥ ಮಹಾ ಸ್ವಾಮೀಜಿಗಳ ಪರಿಶ್ರಮದ ಫಲವಾಗಿ ಇಂದು ವಿಶ್ವ ಮಟ್ಟದಲ್ಲಿ ಪ್ರಖ್ಯಾತಿಯನ್ನು ಪಡೆದಿದೆ. ಶ್ರೀಮಠದ ಪೀಠಾಧಿಪತಿಗಳಾದ ಡಾ.ಶ್ರೀ ನಿರ್ಮಲಾನಂದನಾಥ ಸ್ವಾಮೀಜಿಗಳು ಶ್ರೀಮಠವನ್ನು ಸಮರ್ಥವಾಗಿ ಮುನ್ನಡೆಸುತ್ತಿದ್ದಾರೆ ಎಂದು ರಾಜ್ಯದ ಮಾಜಿ ಸಚಿವ ಡಾ.ನಾರಾಯಣಗೌಡ ಹೇಳಿದರು. ಪಟ್ಟಣದ ಕಲ್ಪತರು ಸಭಾಂಗಣದಲ್ಲಿ ನಡೆದ ಶ್ರೀ ಆದಿಚುಂಚನಗಿರಿ ಮಹಾಸಂಸ್ಥಾನ ಮಠದ ನಿರ್ಮಲಾನಂದನಾಥ ಸ್ವಾಮೀಜಿಗಳವರ ಪೂರ್ವಭಾವಿ ಸಮಾಲೋಚನಾ ಸಭೆಯಲ್ಲಿ ಅವರು ಮಾತನಾಡಿದರು. ಆದಿ ಚುಂಚನಗಿರಿ ಮಠದ ಶ್ರೀ ನಿರ್ಮಲಾನಂದನಾಥ ಸ್ವಾಮೀಜಿಗಳವರ ಪೂರ್ವಭಾವಿ ಸಭೆಯಲ್ಲಿ ಪಾಲ್ಗೊಂಡಿದ್ದ ಭಕ್ತರು ಮಾತನಾಡಿದರು. ಡಾ.ಕೆ.ನಾರಾಯಣಗೌಡ ಮಾತನಾಡಿ, ಶೀಘ್ರದಲ್ಲೇ ನಿರ್ಮಲಾನಂದನಾಥ ಸ್ವಾಮೀಜಿಗಳು ತಾಲೂಕಿಗೆ ಆಗಮಿಸಲಿದ್ದು ಭಕ್ತರ
ಭಕ್ತರ ಜತೆ ಸಮಾಲೋಚನೆ
ಶಾಸಕ ಎಚ್.ಟಿ.ಮಂಜು, ಮಾಜಿ ಶಾಸಕ ಕೆ.ಬಿ.ಚಂದ್ರಶೇಖರ್, ಸಮಾಜ ಸೇವಕ ಆರ್ ಟಿಒ ಮಲ್ಲಿಕಾರ್ಜುನ, ಹಿರಿಯ ರಾಜಕೀಯ ಮುತ್ಸದ್ದಿ ನಾಯಕನಹಳ್ಳಿ ಬಿ.ನಂಜಪ್ಪ ಸಭೆಯಲ್ಲಿ ಮಾತನಾಡಿದರು. ಆದಿಚುಂಚನಗಿರಿ ಮಹಾ ಸಂಸ್ಥಾನ ಮಠದ ಕೀರ್ತಿನಾಥ ಸ್ವಾಮೀಜಿ ಪೂರ್ವಭಾವಿ ಸಭೆಯ ದಿವ್ಯ ಸಾನಿಧ್ಯ ವಹಿಸಿದ್ದರು. ಪೂರ್ವ ನಿಯೋಜಿತ ಕಾರ್ಯಕ್ರಮಗಳಿಂದಾಗಿ ಮೈಸೂರಿನಲ್ಲಿದ್ದ ನಿರ್ಮಲಾನಂದನಾಥ ಸ್ವಾಮೀಜಿಗಳು ಸದ್ಭಕ್ತರೊಂದಿಗೆ ಸಮಾಲೋಚನೆ ನಡೆಸಿ ಗ್ರಾಮಯಾತ್ರೆ, ಕಾರ್ಯಕ್ರಮವನ್ನು ಯಶಸ್ವಿಗೊಳಿಸುವಂತೆ ಮನವಿ ಮಾಡಿದರು.
ಮಠದ ಭಕ್ತರ ಮನೆಗಳಿಗೆ ಭೇಟಿ ನೀಡಿ ಕುಶಲೋಪರಿ ನಡೆಸುವ ಜೊತೆಗೆ ಶ್ರೀಮಠದ ಅಭಿವೃದ್ಧಿಗಾಗಿ ನಿಧಿ ಸಂಗ್ರಹಿಸಲು ಮುಂದಾಗಿರುವ ಶ್ರೀಗಳ ಆಲೋಚನೆಯನ್ನು ಸ್ವಾಗತಿಸಲಾಗಿದೆ ಎಂದರು. ಕೆಪಿಸಿಸಿ ಸದಸ್ಯ ಕಿಕ್ಕೇರಿ ಸುರೇಶ್, ಮಂಡ್ಯ ಜಿಲ್ಲಾ ಕೇಂದ್ರ ಸಹಕಾರ ಬ್ಯಾಂಕ್ ನಿರ್ದೇಶಕ ಶೀಳನೆರೆ ಅಂಬರೀಶ್, ಕಾಂಗ್ರೆಸ್ ನಾಯಕರಾದ ಬಿ.ಎಲ್ ದೇವರಾಜು, ಎಂ.ಡಿ.ಕೃಷ್ಣಮೂರ್ತಿ, ವಿಜಯ ರಾಮೇಗೌಡ, ಮಂಡ್ಯ ಹಾಲು ಒಕ್ಕೂಟದ ನಿರ್ದೇಶಕ ಡಾಲು ರವಿ, ಪುರಸಭೆ ಮಾಜಿ ಅಧ್ಯಕ್ಷ ಕೆ.ಬಿ.ಗಂಗಾಧರ, ಪಿಎಲ್‌ಡಿ ಬ್ಯಾಂಕ್ ಮಾಜಿ ಅಧ್ಯಕ್ಷ ಕೆ.ಎಸ್. ಬಸವೇಗೌಡ, ತಾಲೂಕು ಕೃಷಿಕ ಸಮಾಜದ ಅಧ್ಯಕ್ಷ ನಾಟನಹಳ್ಳಿ ಗಂಗಾಧರ ಸಭೆಯಲ್ಲಿ ಭಾಗವಹಿಸಿದ್ದರು.
ವಕೀಲರ ದಿನಾಚರಣೆ | ಚಾಣುಕ್ಯನ ರೀತಿ ಚಾಕಚಕ್ಯತೆ ಬೆಳೆಸಿಕೊಳ್ಳುವುದು ಅಗತ್ಯ
ವಕೀಲರ ವೃತ್ತಿ ನಿಂತ ನೀರಲ್ಲ: ವಿಶಾಲ್‌ರಘು
• ನಾಗಮಂಗಲ: ಆಡು ಮುಟ್ಟದ ಸೊಪ್ಪಿಲ್ಲ ವಕೀಲರು ನೋಡದ ವಿಷಯಗಳಿಲ್ಲ, ಪುಸ್ತಕಗಳನ್ನು ನಿರಂತರವಾಗಿ ಓದುತ್ತಲೇ ಇರಬೇಕಾದ ಜಗತ್ತಿನ ಏಕೈಕ ವೃತ್ತಿ ವಕೀಲರ ವೃತ್ತಿ ಎಂದು ಕರ್ನಾಟಕ ರಾಜ್ಯ ವಕೀಲರ ಪರಿಷತ್, ಬೆಂಗಳೂರಿನ ಹಾಲಿ ಛೇರ್ಮನ್, ಎಕ್ಸಿಕ್ಯೂಟಿವ್ ಕಮಿಟಿ, ಕರ್ನಾಟಕ ರಾಜ್ಯ ವಕೀಲರ ಪರಿಷತ್‌ನ ವಿಶಾಲ್‌ರಘು ಎಚ್.ಎಲ್.ರವರು ಅಭಿಪ್ರಾಯಪಟ್ಟರು. ಪಟ್ಟಣದ ವಕೀಲರ ಭವನದಲ್ಲಿ ಆಯೋಜಿಸಿದ್ದ ವಕೀಲರ ದಿನಾಚರಣೆ ಕಾರ್ಯಕ್ರಮ ಉದ್ಘಾಟಿಸಿ ಮಾತನಾಡಿದ ಅವರು, ವಕೀಲರ ವೃತ್ತಿ ನಿಂತ ನೀರಲ್ಲ. ಕಾನೂನು ನಿರಂತರವಾಗಿ ಬದಲಾಗುತ್ತಿರುತ್ತದೆ, ಅದಕ್ಕೆ ತಕ್ಕಂತೆ ವಕೀಲರು ಅಪ್‌ಡೇಟ್ ಆಗಬೇಕು. ಚಾಣಕ್ಯನ ರೀತಿ ಚಾಕಚಕ್ಯತೆ ಬೆಳೆಸಿಕೊಳ್ಳುವುದು ಅಗತ್ಯ ಎಂದರು. ಹಿರಿಯ ವಕೀಲರ ಮಾರ್ಗದರ್ಶನ ಪಡೆದು ಕಿರಿಯ ವಕೀಲರು ವೃತ್ತಿಯಲ್ಲಿ ಮುನ್ನಡೆಯಬೇಕು. ಗಾಂಧೀಜಿ, ಅಂಬೇಡ್ಕರ್ ಸೇರಿದಂತೆ ಹಲವು ಮಹನೀಯರು ವಕೀಲರಾಗಿದ್ದರು ಎಂದು ಸ್ಮರಿಸಿದರು. ನ್ಯಾಯಾಲಯದಲ್ಲಿ ಕಕ್ಷಿದಾರರ ಹಿತ ಕಾಪಾಡುವುದು ವಕೀಲರ ಕರ್ತವ್ಯ. ಹಿರಿಯ ಸಿವಿಲ್ ನ್ಯಾಯಾಧೀಶರು ಕಾರ್ಯಕ್ರಮದ ಅಧ್ಯಕ್ಷತೆ ವಹಿಸಿದ್ದರು.
ಪರಾಮರ್ಶೆ ಮಾಡಿ
ಅಪರ ಹಿರಿಯ ಸಿವಿಲ್ ನ್ಯಾಯಾಧೀಶರಾದ ನರಸಿಂಹಮೂರ್ತಿ ಎಂ. ಮಾತನಾಡಿ, ವಕೀಲರ ವೃತ್ತಿ ಹಾಗೂ ಶಿಕ್ಷಣ ಬಹಳ ಕಷ್ಟಕರವಾದದ್ದು ಗಾಂಧೀಜಿಯವರು ಬಾಂಬೆಯಲ್ಲಿ ಎರಡು ವರ್ಷ ಪ್ರಯತ್ನ ಮಾಡಿ ಫಲಕಾರಿಯಾಗದೆ ದಕ್ಷಿಣ ಆಫ್ರಿಕಾಗೆ ತೆರಳಿ ವಕೀಲ ಶಿಕ್ಷಣ ಮುಂದುವರಿಸಿದರು. ಹಿಂದಿನ ದಿನಗಳಲ್ಲಿ ಬೆರಳೆಣಿಕೆಯಷ್ಟು ವಕೀಲ ಶಿಕ್ಷಣ ಮಾಡುತ್ತಿದ್ದವರಲ್ಲಿ ವೀರಸಾವರ್ಕರ್ ಕೂಡ ಒಬ್ಬರಾಗಿದ್ದಾರೆ. ಅಡ್ವೋಕೇಟ್ ವೃತ್ತಿ ಮಾಡುವ ಸಂದರ್ಭದಲ್ಲಿ ನ್ಯಾಯ ಅನ್ಯಾಯಗಳನ್ನು ಪರಾಮರ್ಶಿಸಿ ಕೇಸ್‌ಗಳನ್ನು ತೆಗೆದುಕೊಂಡರೆ ಒಳಿತು ಎಂದು ಕಿವಿಮಾತು ತಿಳಿಸಿದರು.
ಸಿದ್ದಪ್ಪಾಜಿ ಕೆ.ಪಿ.ರವರು ಮಾತನಾಡಿ, ವಕೀಲರಾಗಲಿ, ಜಡ್ಜ್‌ಗಳಾಗಲಿ ನಿರಂತರವಾಗಿ ಪುಸ್ತಕಗಳನ್ನು ಅಭ್ಯಾಸ ಮಾಡುವ ಜೊತೆ ಚಿಂತಿಸುವ ಗುಣ ಬೆಳೆಸಿಕೊಳ್ಳಬೇಕು ಎಂದರು. ಈ ಸಮಯದಲ್ಲಿ ಕರ್ನಾಟಕ ರಾಜ್ಯ ವಕೀಲರ ಪರಿಷತ್‌ನ ಗೌರವಾನ್ವಿತ ವೈಸ್ ಛೇರ್ಮನ್ ಮಂಗೇಶ್‌ಕರ್ ವಿನಯ್ ಬಾಳಸಾಹೇಬ್, ಕರ್ನಾಟಕ ರಾಜ್ಯ ವಕೀಲರ ಪರಿಷತ್ ಮಾಜಿ ಛೇರ್ಮನ್ ಮತ್ತು ಹಾಲಿ ಮೆಂಬರ್ ನಾಯಕ್ ಕೃಷ್ಣಪ್ಪ ಭೀಮಪ್ಪ, ನಾಗಮಂಗಲ ಸಿವಿಲ್ ನ್ಯಾಯಾಧೀಶರು ಹಾಗೂ ಅಧ್ಯಕ್ಷರು ತಾಲೂಕು ಕಾನೂನು ಸೇವಾ ಸಮಿತಿಯ ಫೆಲಿಕ್ಸ್ ಅಲ್ಫೋನ್ಸ್ ಅಂತೋಣಿ, ಗೌರವಾನ್ವಿತ ಸಿವಿಲ್ ನ್ಯಾಯಾಧೀಶರು ಮತ್ತು ಸದಸ್ಯ ಕಾರ್ಯದರ್ಶಿಗಳು, ಕಾನೂನು ಸೇವಾ ಸಮಿತಿಯ ಶಿವರಾಜು ಎಚ್.ಎಸ್. ಉಚ್ಚನ್ಯಾಯಾಲಯ ಹಾಗೂ ಮಾತೃ ಫೌಂಡೇಷನ್ ಅಧ್ಯಕ್ಷ ಆರ್. ಚಂದ್ರಕುಮಾರ್, ಮಂಡ್ಯದ ಹಿರಿಯ ವಕೀಲ ಎಚ್.ಬಸವಯ್ಯ, ಉಚ್ಚನ್ಯಾಯಾಲಯದ ವಕೀಲ ಎನ್.ಆರ್.ಮಾಯಣ್ಣಗೌಡ, ತಾಲೂಕಿನ ವಕೀಲರ ಸಂಘದ ಅಧ್ಯಕ್ಷ ಮಹದೇವ ಮತ್ತು ವಕೀಲ ವೃಂದದವರು ಉಪಸ್ಥಿತರಿದ್ದರು.
